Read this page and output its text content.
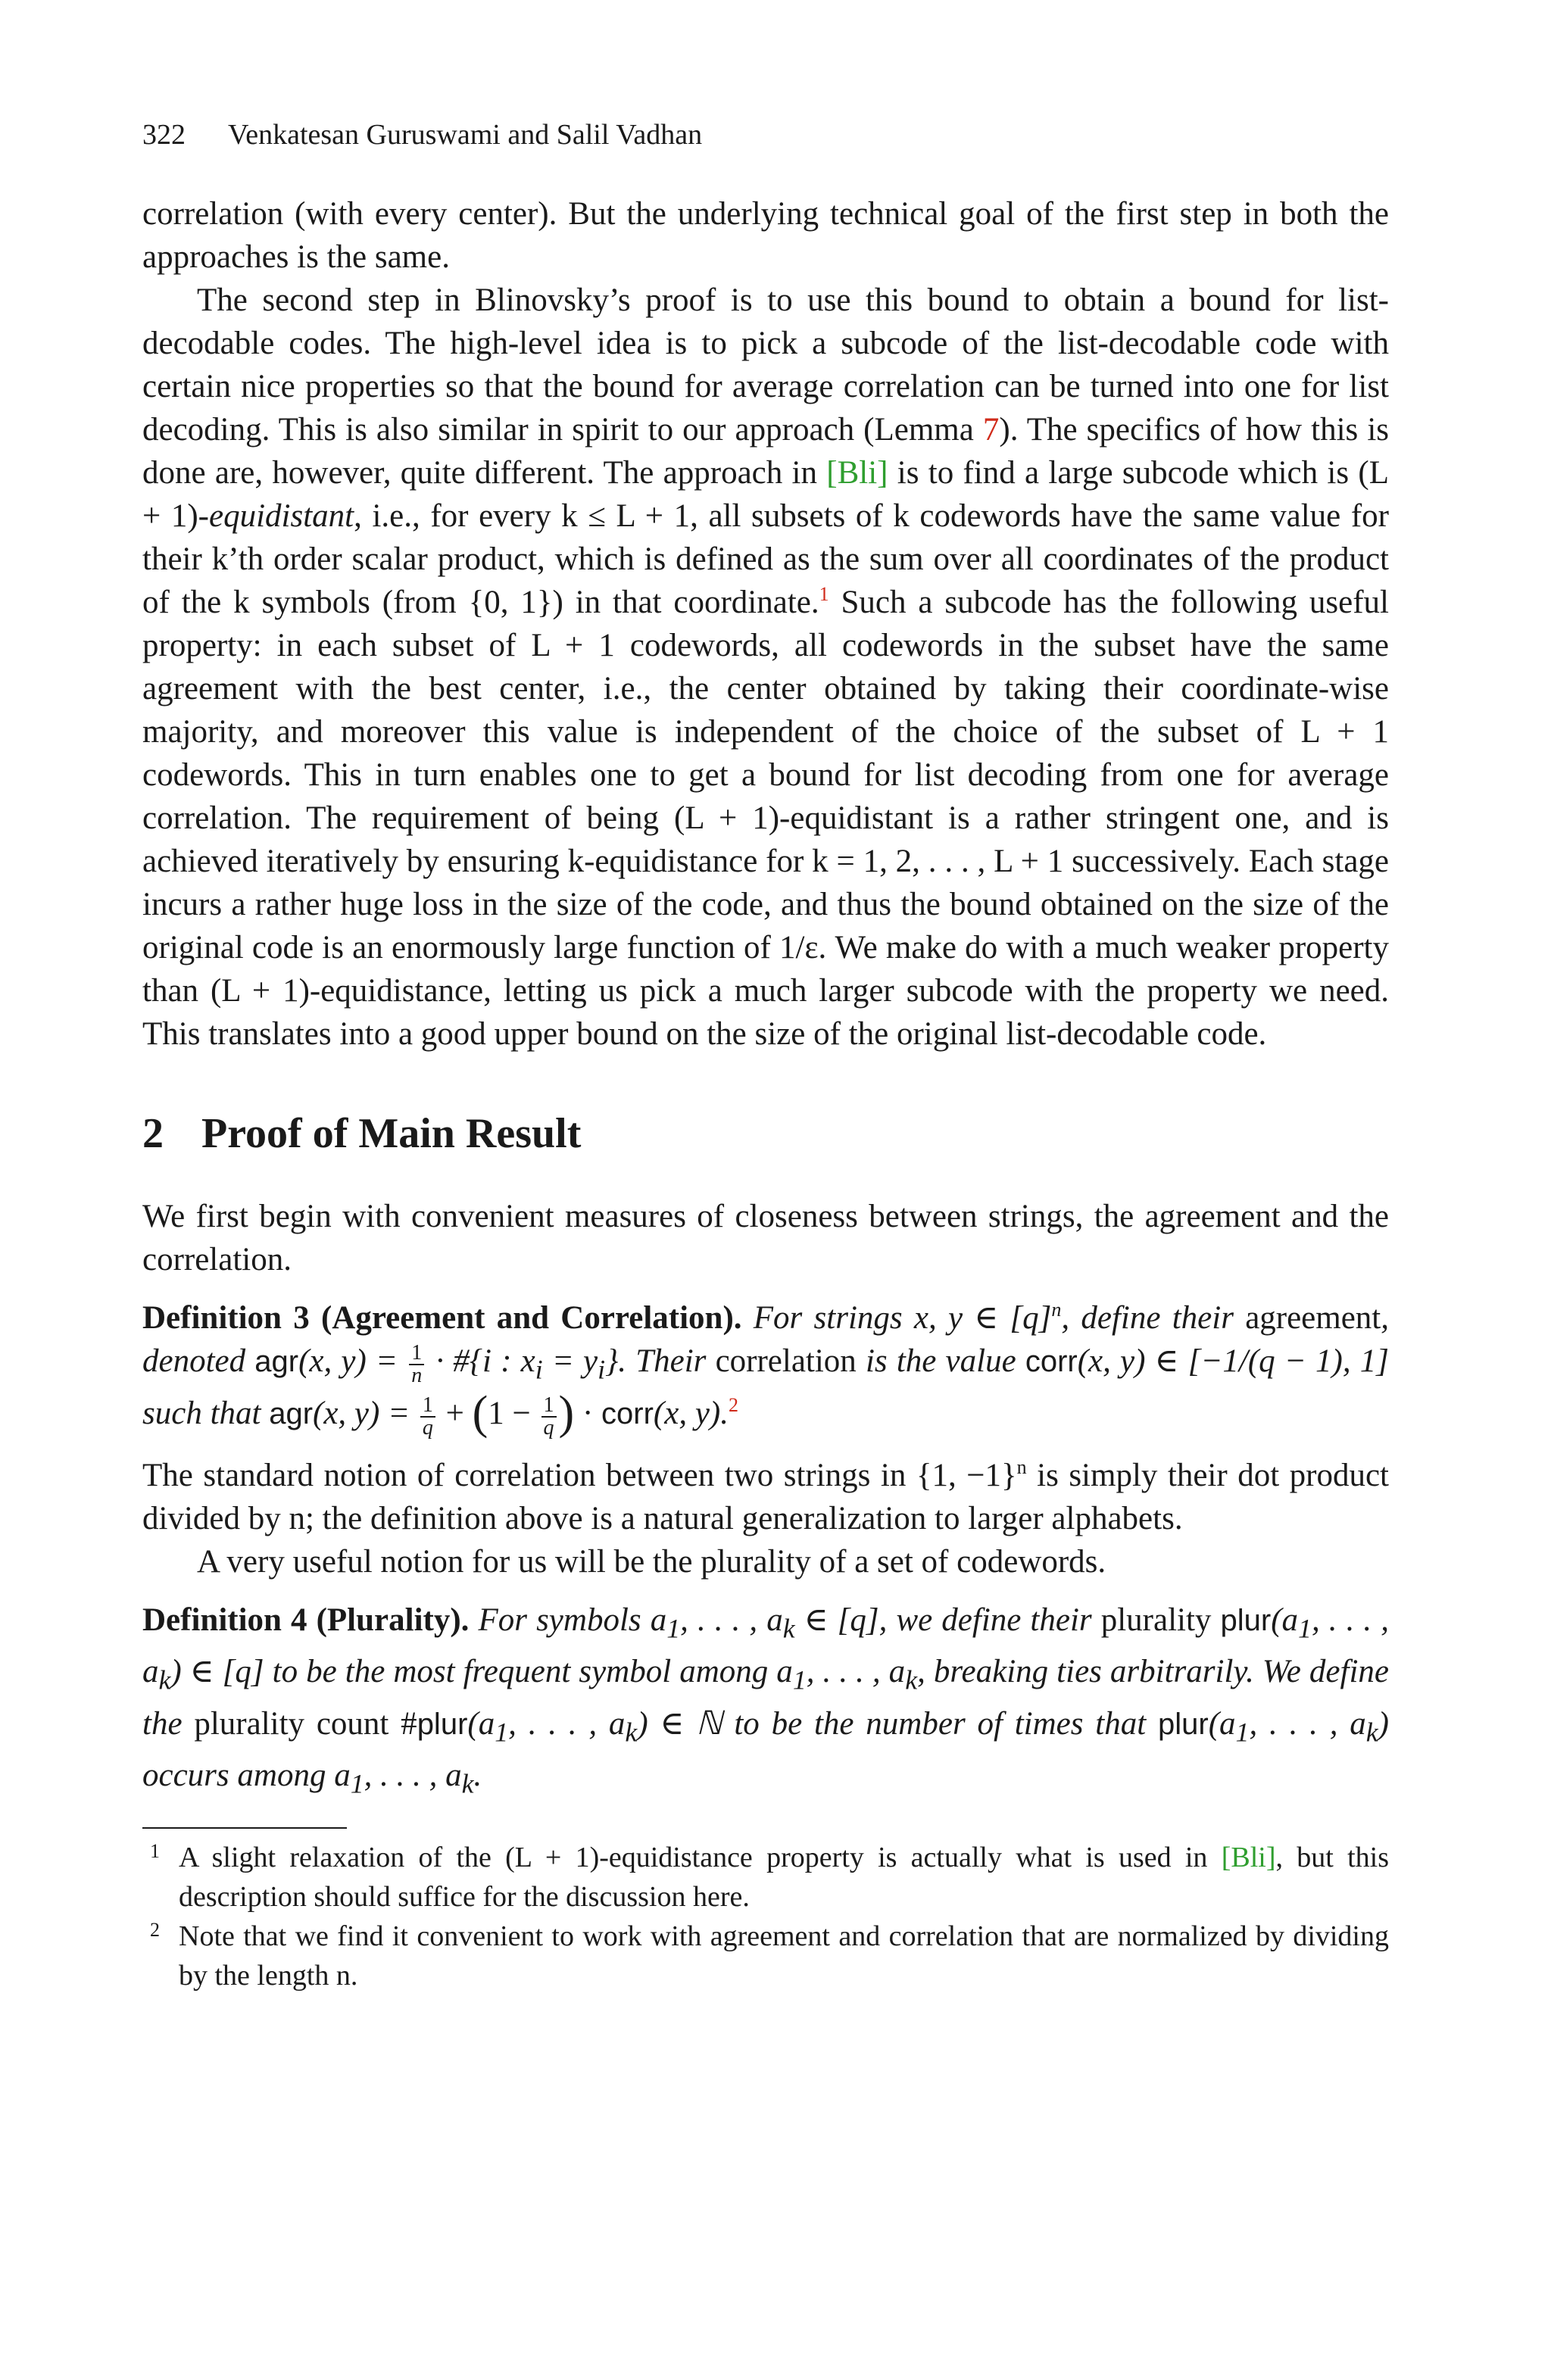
322 Venkatesan Guruswami and Salil Vadhan

correlation (with every center). But the underlying technical goal of the first step in both the approaches is the same.

The second step in Blinovsky’s proof is to use this bound to obtain a bound for list-decodable codes. The high-level idea is to pick a subcode of the list-decodable code with certain nice properties so that the bound for average correlation can be turned into one for list decoding. This is also similar in spirit to our approach (Lemma 7). The specifics of how this is done are, however, quite different. The approach in [Bli] is to find a large subcode which is (L + 1)-equidistant, i.e., for every k ≤ L + 1, all subsets of k codewords have the same value for their k’th order scalar product, which is defined as the sum over all coordinates of the product of the k symbols (from {0, 1}) in that coordinate.$^1$ Such a subcode has the following useful property: in each subset of L + 1 codewords, all codewords in the subset have the same agreement with the best center, i.e., the center obtained by taking their coordinate-wise majority, and moreover this value is independent of the choice of the subset of L + 1 codewords. This in turn enables one to get a bound for list decoding from one for average correlation. The requirement of being (L + 1)-equidistant is a rather stringent one, and is achieved iteratively by ensuring k-equidistance for k = 1, 2, . . . , L + 1 successively. Each stage incurs a rather huge loss in the size of the code, and thus the bound obtained on the size of the original code is an enormously large function of 1/ε. We make do with a much weaker property than (L + 1)-equidistance, letting us pick a much larger subcode with the property we need. This translates into a good upper bound on the size of the original list-decodable code.

2 Proof of Main Result

We first begin with convenient measures of closeness between strings, the agreement and the correlation.

Definition 3 (Agreement and Correlation). For strings x, y ∈ $[q]^n$, define their agreement, denoted agr(x, $y) = \frac{1}{n}$ · #{i : $x_i = y_i$}. Their correlation is the value corr(x, y) ∈ [−1/(q − 1), 1] such that agr(x, $y) = \frac{1}{q} + (1 - \frac{1}{q}$ ) · corr(x, y).$^2$

The standard notion of correlation between two strings in {1, −1}$^n$ is simply their dot product divided by n; the definition above is a natural generalization to larger alphabets.

A very useful notion for us will be the plurality of a set of codewords.

Definition 4 (Plurality). For symbols $a_1$, . . . , $a_k$ ∈ [q], we define their plurality $plur(a_1$, . . . , $a_k$) ∈ [q] to be the most frequent symbol among $a_1$, . . . , $a_k$, breaking ties arbitrarily. We define the plurality count $\#plur(a_1$, . . . , $a_k$) ∈ ℕ to be the number of times that $plur(a_1$, . . . , $a_k$) occurs among $a_1$, . . . , $a_k$.

1 A slight relaxation of the (L + 1)-equidistance property is actually what is used in [Bli], but this description should suffice for the discussion here.

2 Note that we find it convenient to work with agreement and correlation that are normalized by dividing by the length n.
